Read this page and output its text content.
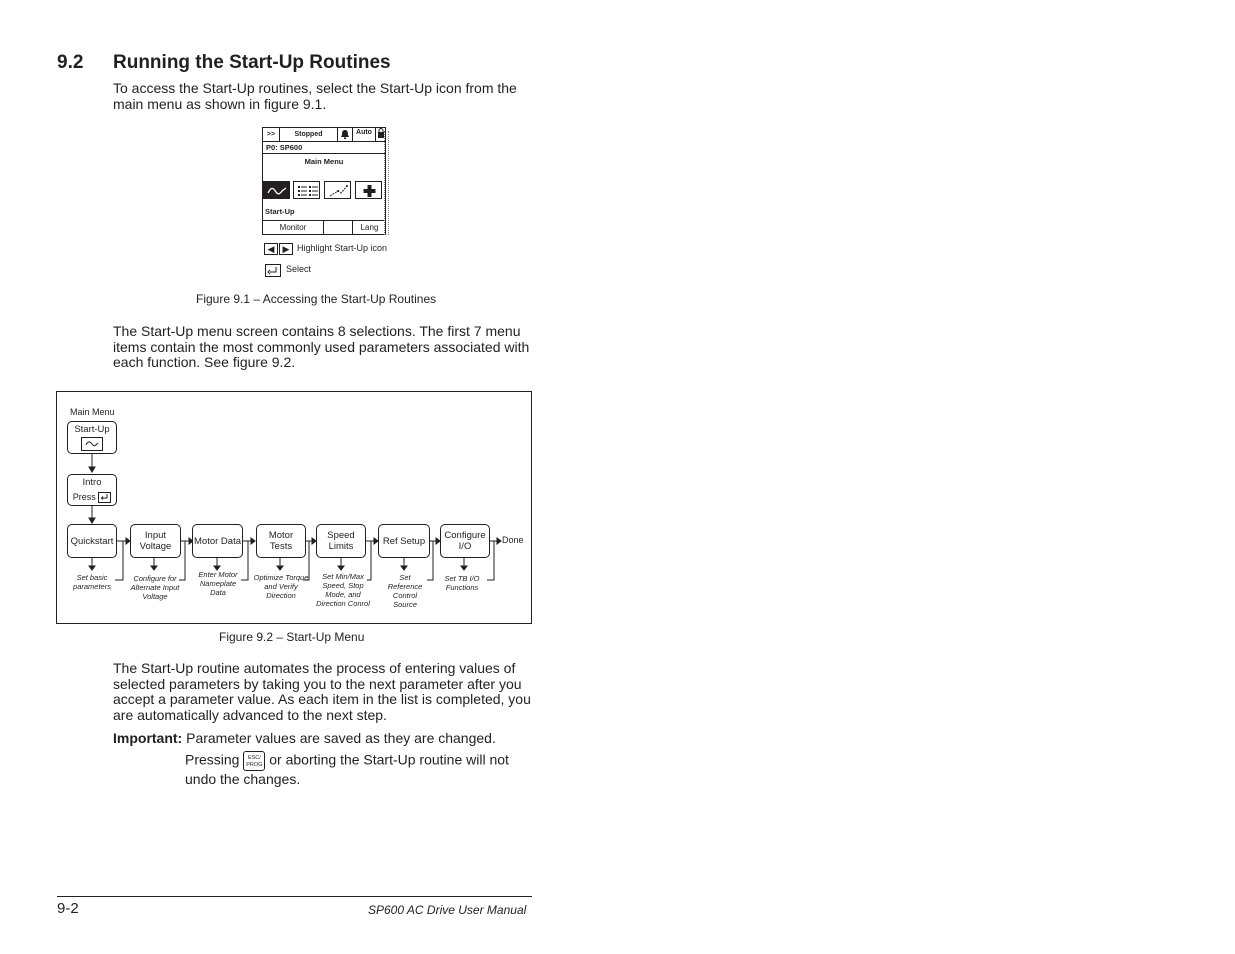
9.2 Running the Start-Up Routines
To access the Start-Up routines, select the Start-Up icon from the main menu as shown in figure 9.1.
>>	Stopped	Auto
P0: SP600
Main Menu
Start-Up
Monitor	Lang
◀ ▶ Highlight Start-Up icon
Select
Figure 9.1 – Accessing the Start-Up Routines
The Start-Up menu screen contains 8 selections. The first 7 menu items contain the most commonly used parameters associated with each function. See figure 9.2.
Main Menu
Start-Up
Intro
Press
Quickstart	Input Voltage	Motor Data	Motor Tests
Speed Limits	Ref Setup	Configure I/O
Done
Set basic parameters
Configure for Alternate Input Voltage
Enter Motor Nameplate Data
Optimize Torque and Verify Direction
Set Min/Max Speed, Stop Mode, and Direction Conrol
Set Reference Control Source
Set TB I/O Functions
Figure 9.2 – Start-Up Menu
The Start-Up routine automates the process of entering values of selected parameters by taking you to the next parameter after you accept a parameter value. As each item in the list is completed, you are automatically advanced to the next step.
Important: Parameter values are saved as they are changed.
Pressing ESC/
PROG or aborting the Start-Up routine will not undo the changes.
9-2	SP600 AC Drive User Manual
